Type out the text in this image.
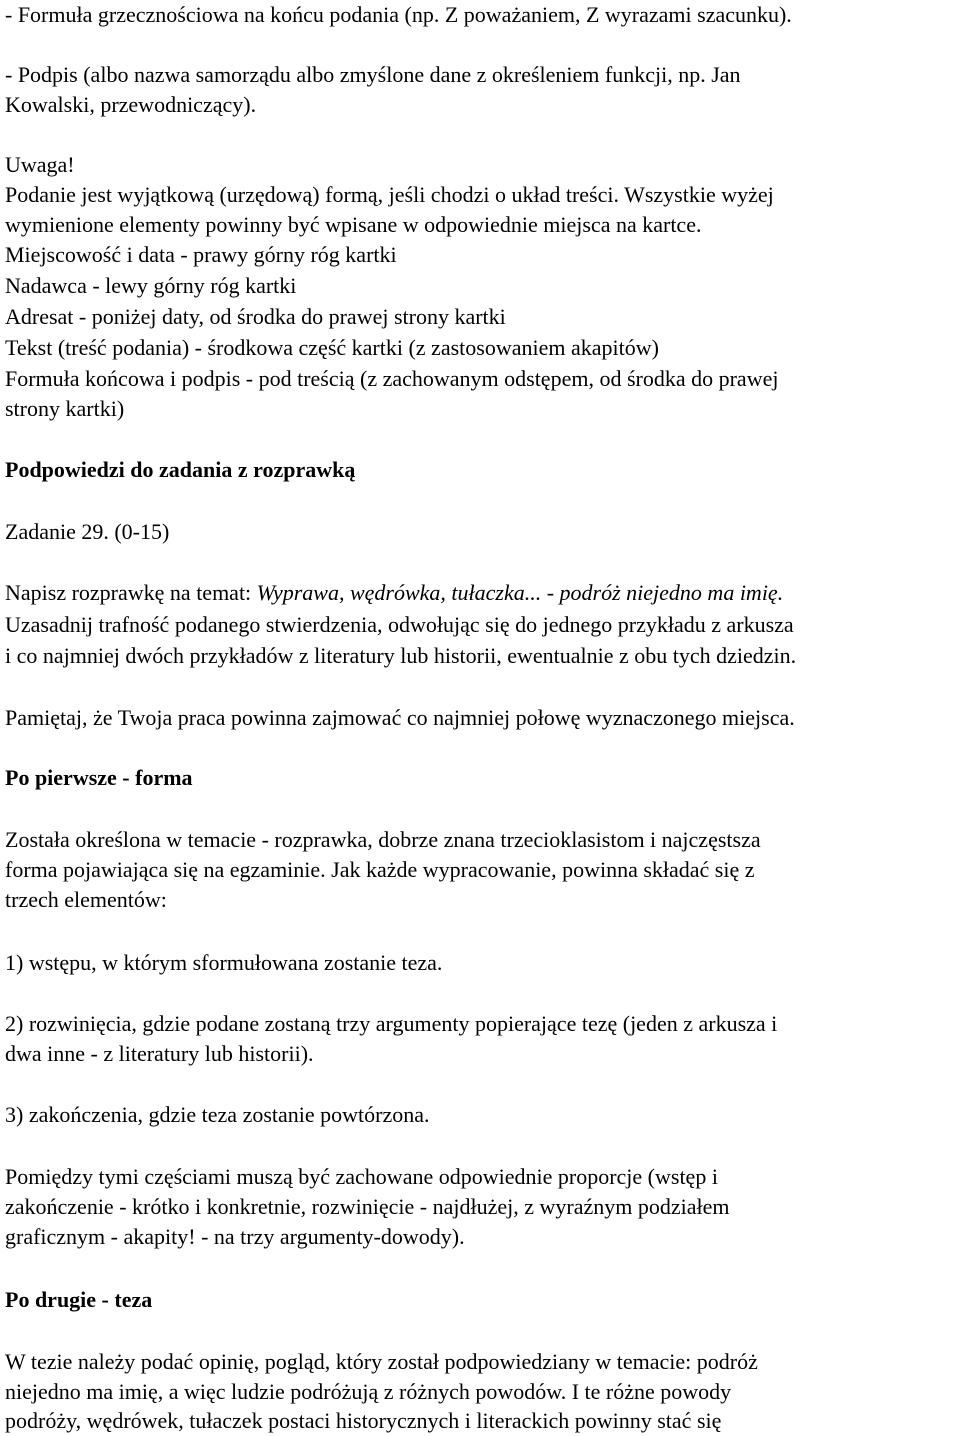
- Formuła grzecznościowa na końcu podania (np. Z poważaniem, Z wyrazami szacunku).
- Podpis (albo nazwa samorządu albo zmyślone dane z określeniem funkcji, np. Jan
Kowalski, przewodniczący).
Uwaga!
Podanie jest wyjątkową (urzędową) formą, jeśli chodzi o układ treści. Wszystkie wyżej
wymienione elementy powinny być wpisane w odpowiednie miejsca na kartce.
Miejscowość i data - prawy górny róg kartki
Nadawca - lewy górny róg kartki
Adresat - poniżej daty, od środka do prawej strony kartki
Tekst (treść podania) - środkowa część kartki (z zastosowaniem akapitów)
Formuła końcowa i podpis - pod treścią (z zachowanym odstępem, od środka do prawej
strony kartki)
Podpowiedzi do zadania z rozprawką
Zadanie 29. (0-15)
Napisz rozprawkę na temat: Wyprawa, wędrówka, tułaczka... - podróż niejedno ma imię.
Uzasadnij trafność podanego stwierdzenia, odwołując się do jednego przykładu z arkusza
i co najmniej dwóch przykładów z literatury lub historii, ewentualnie z obu tych dziedzin.
Pamiętaj, że Twoja praca powinna zajmować co najmniej połowę wyznaczonego miejsca.
Po pierwsze - forma
Została określona w temacie - rozprawka, dobrze znana trzecioklasistom i najczęstsza
forma pojawiająca się na egzaminie. Jak każde wypracowanie, powinna składać się z
trzech elementów:
1) wstępu, w którym sformułowana zostanie teza.
2) rozwinięcia, gdzie podane zostaną trzy argumenty popierające tezę (jeden z arkusza i
dwa inne - z literatury lub historii).
3) zakończenia, gdzie teza zostanie powtórzona.
Pomiędzy tymi częściami muszą być zachowane odpowiednie proporcje (wstęp i
zakończenie - krótko i konkretnie, rozwinięcie - najdłużej, z wyraźnym podziałem
graficznym - akapity! - na trzy argumenty-dowody).
Po drugie - teza
W tezie należy podać opinię, pogląd, który został podpowiedziany w temacie: podróż
niejedno ma imię, a więc ludzie podróżują z różnych powodów. I te różne powody
podróży, wędrówek, tułaczek postaci historycznych i literackich powinny stać się
